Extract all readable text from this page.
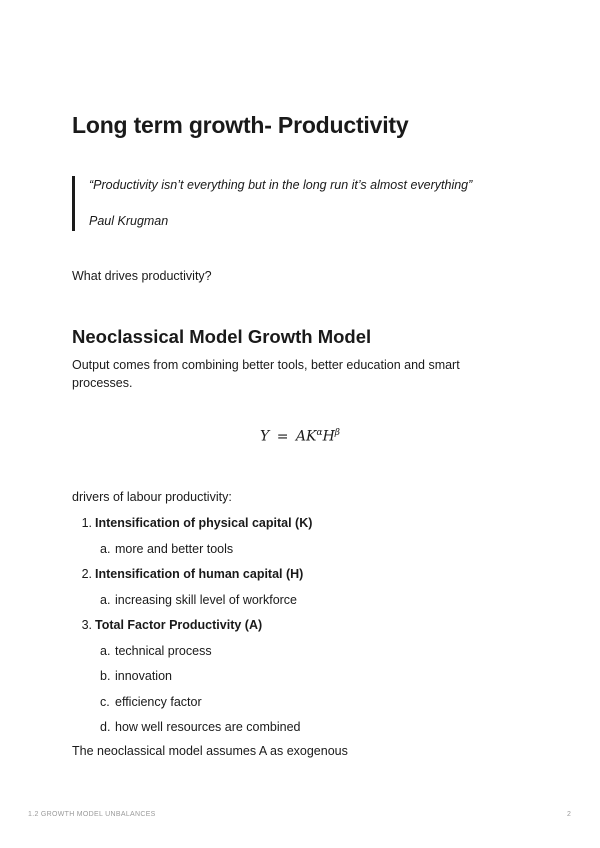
Long term growth- Productivity
“Productivity isn’t everything but in the long run it’s almost everything”
Paul Krugman
What drives productivity?
Neoclassical Model Growth Model
Output comes from combining better tools, better education and smart processes.
$Y = AK^\alpha H^\beta$
drivers of labour productivity:
1. Intensification of physical capital (K)
a. more and better tools
2. Intensification of human capital (H)
a. increasing skill level of workforce
3. Total Factor Productivity (A)
a. technical process
b. innovation
c. efficiency factor
d. how well resources are combined
The neoclassical model assumes A as exogenous
1.2 GROWTH MODEL UNBALANCES	2
